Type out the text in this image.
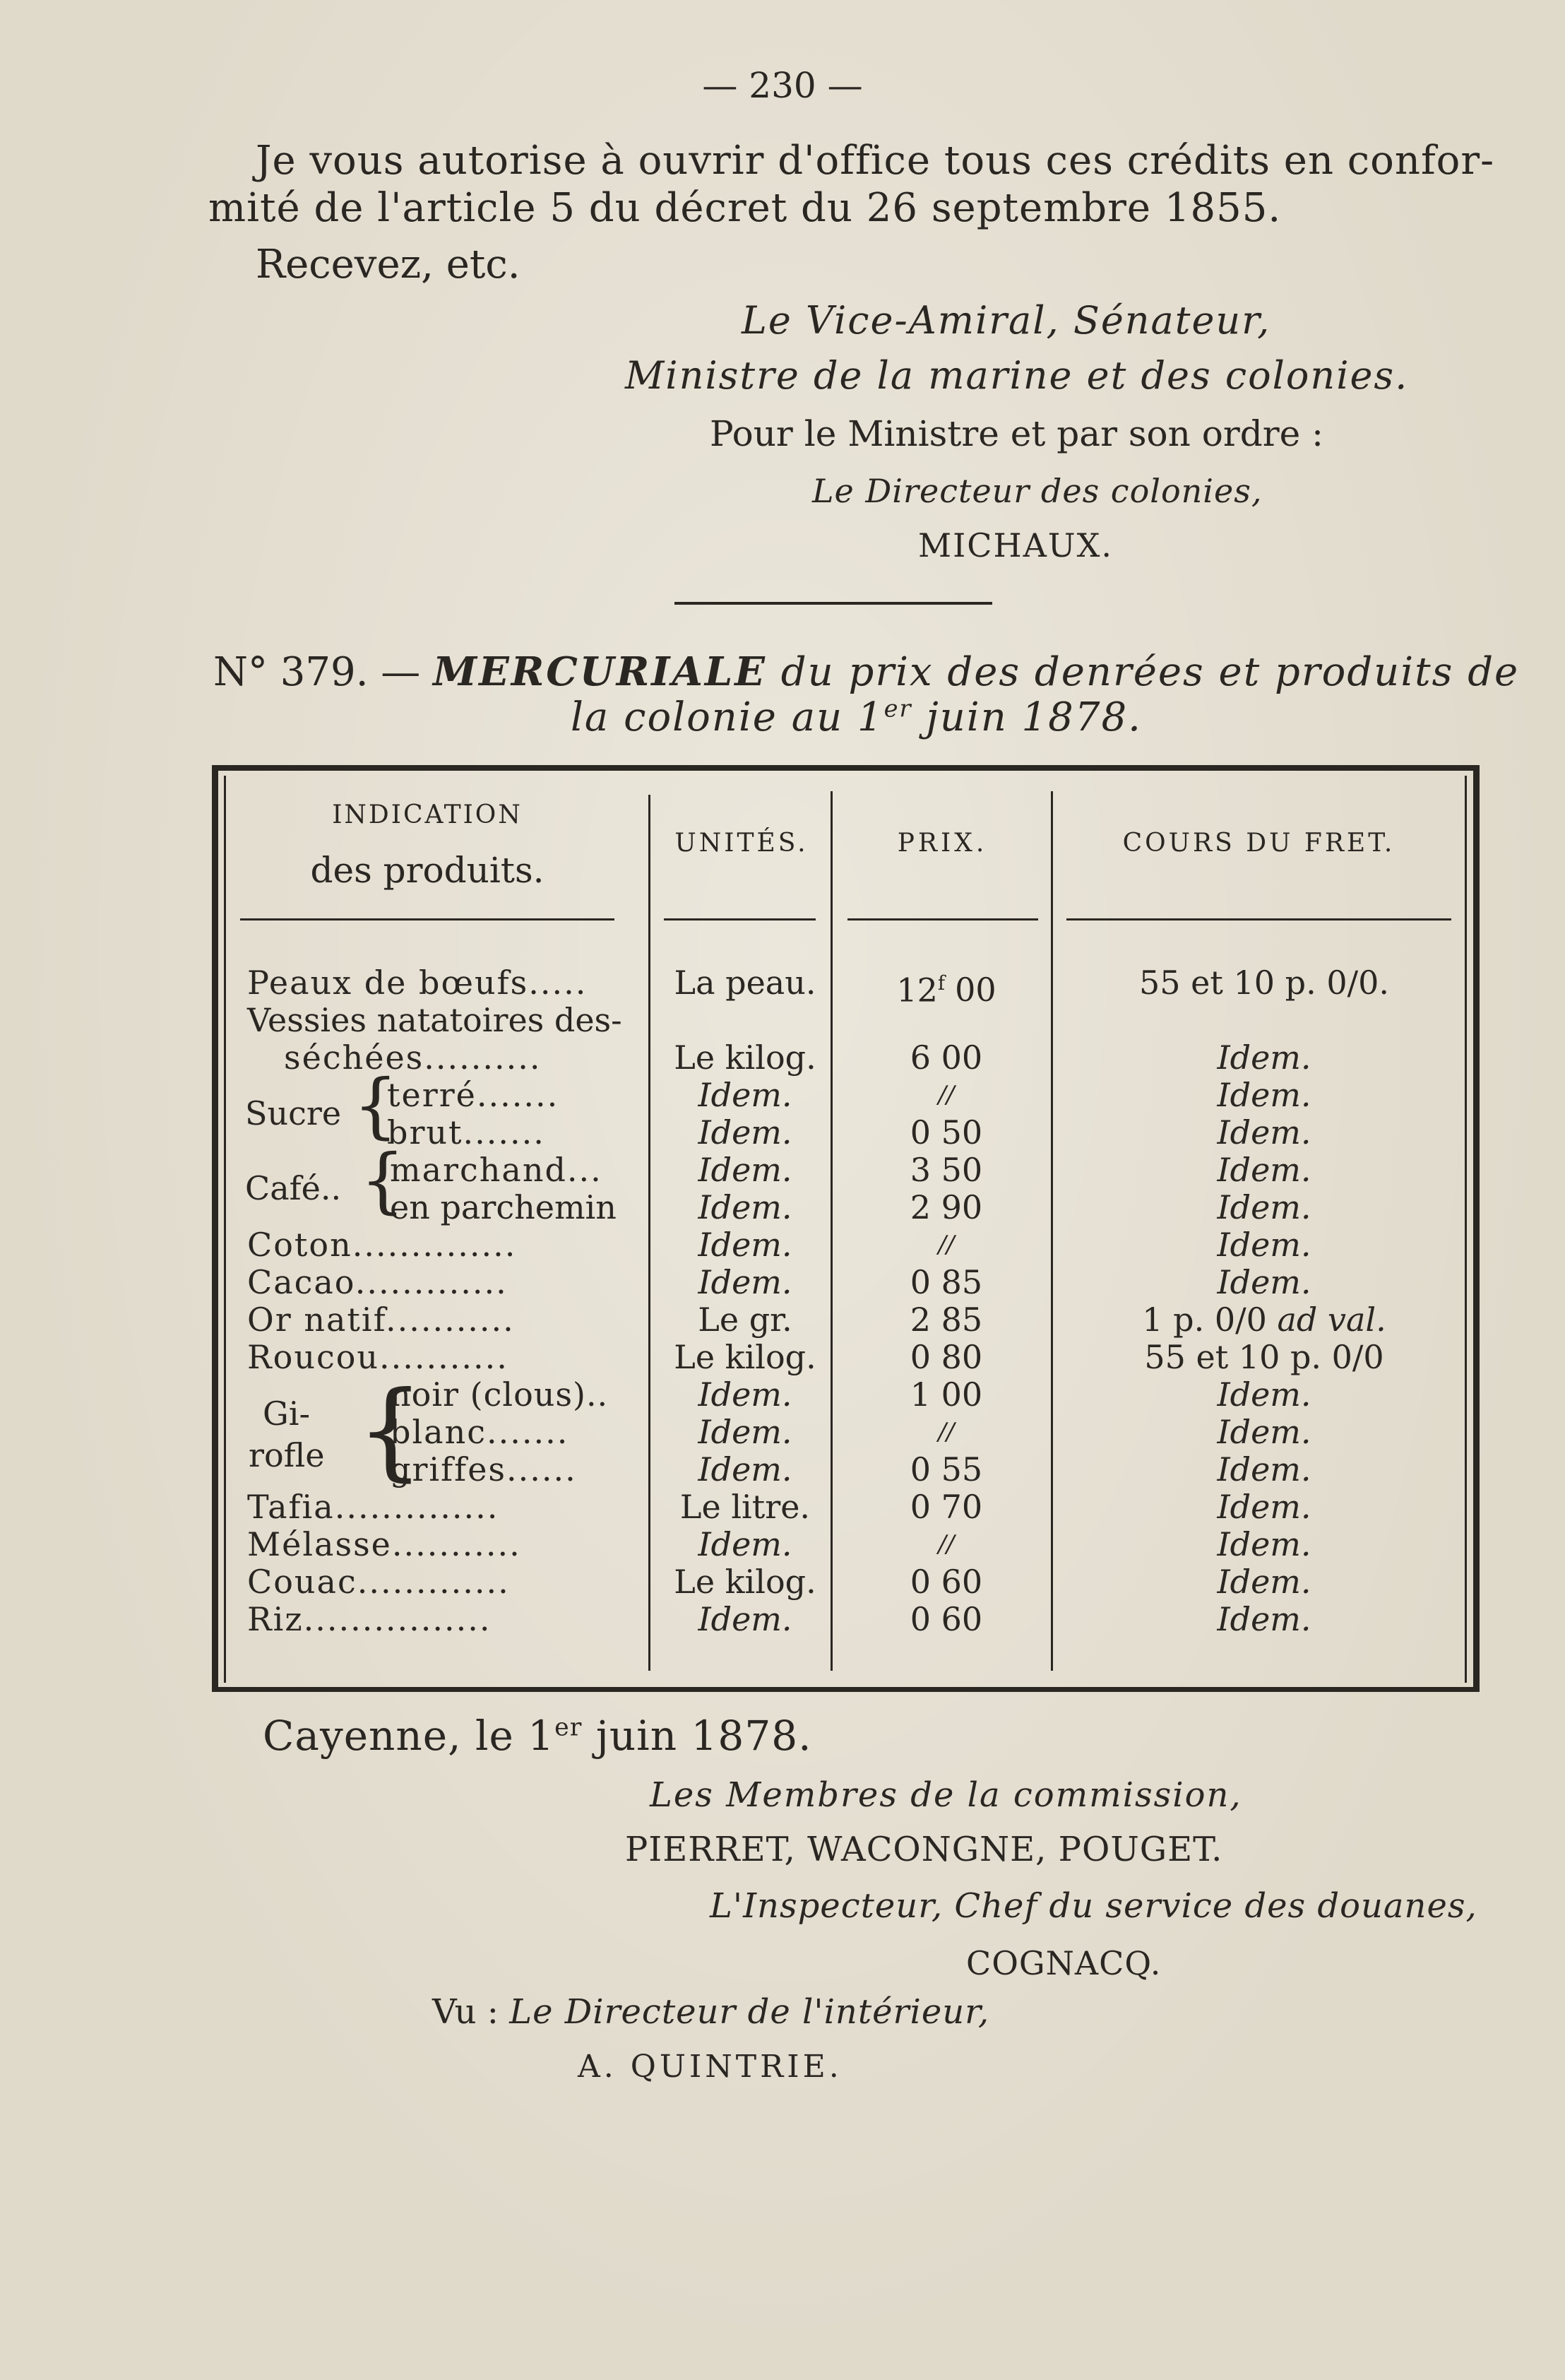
— 230 —
Je vous autorise à ouvrir d'office tous ces crédits en confor-
mité de l'article 5 du décret du 26 septembre 1855.
Recevez, etc.
Le Vice-Amiral, Sénateur,
Ministre de la marine et des colonies.
Pour le Ministre et par son ordre :
Le Directeur des colonies,
MICHAUX.
N° 379. — MERCURIALE du prix des denrées et produits de
la colonie au 1er juin 1878.
INDICATION
des produits.
UNITÉS.	PRIX.	COURS DU FRET.
Peaux de bœufs.....	La peau.	12$^f$ 00	55 et 10 p. 0/0.
Vessies natatoires des-
séchées..........	Le kilog.	6 00	Idem.
Sucre {
terré.......	Idem.	//	Idem.
brut.......	Idem.	0 50	Idem.
Café.. {
marchand...	Idem.	3 50	Idem.
en parchemin	Idem.	2 90	Idem.
Coton..............	Idem.	//	Idem.
Cacao.............	Idem.	0 85	Idem.
Or natif...........	Le gr.	2 85	1 p. 0/0 ad val.
Roucou...........	Le kilog.	0 80	55 et 10 p. 0/0
Gi-
rofle {
noir (clous)..	Idem.	1 00	Idem.
blanc.......	Idem.	//	Idem.
griffes......	Idem.	0 55	Idem.
Tafia..............	Le litre.	0 70	Idem.
Mélasse...........	Idem.	//	Idem.
Couac.............	Le kilog.	0 60	Idem.
Riz................	Idem.	0 60	Idem.
Cayenne, le 1er juin 1878.
Les Membres de la commission,
PIERRET, WACONGNE, POUGET.
L'Inspecteur, Chef du service des douanes,
COGNACQ.
Vu : Le Directeur de l'intérieur,
A. QUINTRIE.
